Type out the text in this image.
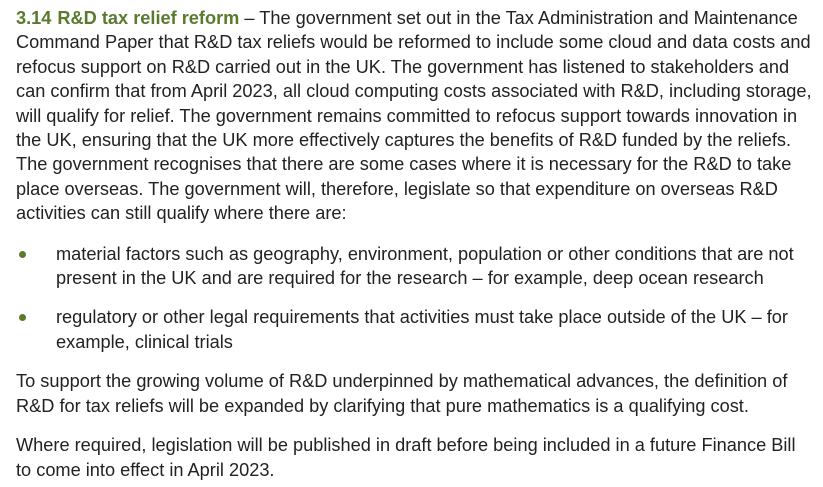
3.14 R&D tax relief reform – The government set out in the Tax Administration and Maintenance Command Paper that R&D tax reliefs would be reformed to include some cloud and data costs and refocus support on R&D carried out in the UK. The government has listened to stakeholders and can confirm that from April 2023, all cloud computing costs associated with R&D, including storage, will qualify for relief. The government remains committed to refocus support towards innovation in the UK, ensuring that the UK more effectively captures the benefits of R&D funded by the reliefs. The government recognises that there are some cases where it is necessary for the R&D to take place overseas. The government will, therefore, legislate so that expenditure on overseas R&D activities can still qualify where there are:

material factors such as geography, environment, population or other conditions that are not present in the UK and are required for the research – for example, deep ocean research
regulatory or other legal requirements that activities must take place outside of the UK – for example, clinical trials

To support the growing volume of R&D underpinned by mathematical advances, the definition of R&D for tax reliefs will be expanded by clarifying that pure mathematics is a qualifying cost.

Where required, legislation will be published in draft before being included in a future Finance Bill to come into effect in April 2023.
